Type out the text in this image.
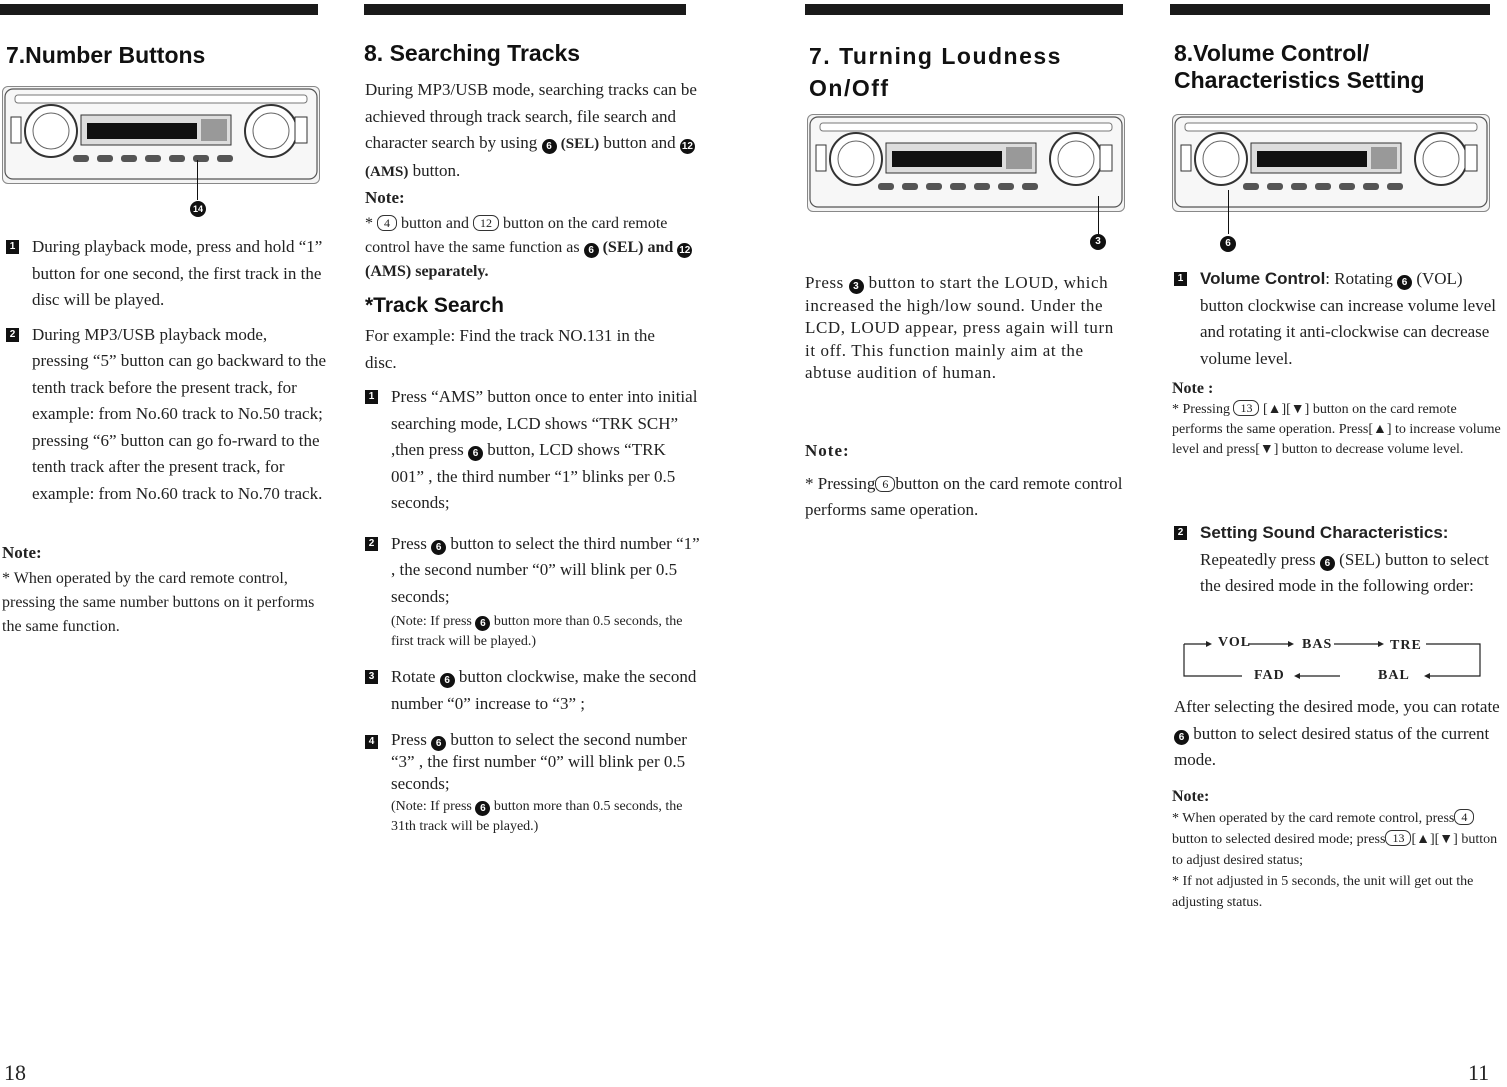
7.Number Buttons
14
1 During playback mode, press and hold “1” button for one second, the first track in the disc will be played.

2 During MP3/USB playback mode, pressing “5” button can go backward to the tenth track before the present track, for example: from No.60 track to No.50 track; pressing “6” button can go fo-rward to the tenth track after the present track, for example: from No.60 track to No.70 track.

Note:

* When operated by the card remote control, pressing the same number buttons on it performs the same function.

8. Searching Tracks

During MP3/USB mode, searching tracks can be achieved through track search, file search and character search by using 6 (SEL) button and 12 (AMS) button.

Note:

* 4 button and 12 button on the card remote control have the same function as 6 (SEL) and 12 (AMS) separately.

*Track Search

For example: Find the track NO.131 in the disc.

1 Press “AMS” button once to enter into initial searching mode, LCD shows “TRK SCH” ,then press 6 button, LCD shows “TRK 001” , the third number “1” blinks per 0.5 seconds;

2 Press 6 button to select the third number “1” , the second number “0” will blink per 0.5 seconds;

(Note: If press 6 button more than 0.5 seconds, the first track will be played.)

3 Rotate 6 button clockwise, make the second number “0” increase to “3” ;

4 Press 6 button to select the second number “3” , the first number “0” will blink per 0.5 seconds;

(Note: If press 6 button more than 0.5 seconds, the 31th track will be played.)

7. Turning Loudness
On/Off
3

Press 3 button to start the LOUD, which increased the high/low sound. Under the LCD, LOUD appear, press again will turn it off. This function mainly aim at the abtuse audition of human.

Note:

* Pressing 6 button on the card remote control performs same operation.

8.Volume Control/
Characteristics Setting
6
1 Volume Control: Rotating 6 (VOL) button clockwise can increase volume level and rotating it anti-clockwise can decrease volume level.

Note :

* Pressing 13 [▲][▼] button on the card remote performs the same operation. Press[▲] to increase volume level and press[▼] button to decrease volume level.

2 Setting Sound Characteristics:
Repeatedly press 6 (SEL) button to select the desired mode in the following order:

VOL	BAS	TRE
FAD	BAL

After selecting the desired mode, you can rotate 6 button to select desired status of the current mode.

Note:

* When operated by the card remote control, press 4button to selected desired mode; press 13 [▲][▼] button to adjust desired status;
* If not adjusted in 5 seconds, the unit will get out the adjusting status.

18	11
